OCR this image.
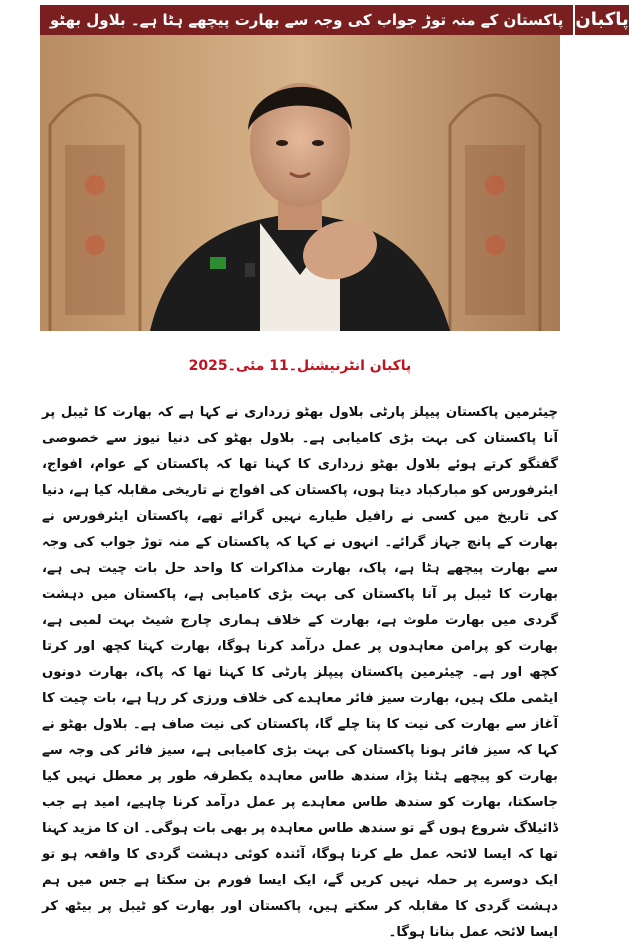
پاکستان کے منہ توڑ جواب کی وجہ سے بھارت پیچھے ہٹا ہے۔ بلاول بھٹو پاکبان
پاکبان انٹرنیشنل۔11 مئی۔2025
چیئرمین پاکستان پیپلز پارٹی بلاول بھٹو زرداری نے کہا ہے کہ بھارت کا ٹیبل پر آنا پاکستان کی بہت بڑی کامیابی ہے۔ بلاول بھٹو کی دنیا نیوز سے خصوصی گفتگو کرتے ہوئے بلاول بھٹو زرداری کا کہنا تھا کہ پاکستان کے عوام، افواج، ایئرفورس کو مبارکباد دیتا ہوں، پاکستان کی افواج نے تاریخی مقابلہ کیا ہے، دنیا کی تاریخ میں کسی نے رافیل طیارے نہیں گرائے تھے، پاکستان ایئرفورس نے بھارت کے پانچ جہاز گرائے۔ انہوں نے کہا کہ پاکستان کے منہ توڑ جواب کی وجہ سے بھارت پیچھے ہٹا ہے، پاک، بھارت مذاکرات کا واحد حل بات چیت ہی ہے، بھارت کا ٹیبل پر آنا پاکستان کی بہت بڑی کامیابی ہے، پاکستان میں دہشت گردی میں بھارت ملوث ہے، بھارت کے خلاف ہماری چارج شیٹ بہت لمبی ہے، بھارت کو پرامن معاہدوں پر عمل درآمد کرنا ہوگا، بھارت کہتا کچھ اور کرتا کچھ اور ہے۔ چیئرمین پاکستان پیپلز پارٹی کا کہنا تھا کہ پاک، بھارت دونوں ایٹمی ملک ہیں، بھارت سیز فائر معاہدے کی خلاف ورزی کر رہا ہے، بات چیت کا آغاز سے بھارت کی نیت کا پتا چلے گا، پاکستان کی نیت صاف ہے۔ بلاول بھٹو نے کہا کہ سیز فائر ہونا پاکستان کی بہت بڑی کامیابی ہے، سیز فائر کی وجہ سے بھارت کو پیچھے ہٹنا پڑا، سندھ طاس معاہدہ یکطرفہ طور پر معطل نہیں کیا جاسکتا، بھارت کو سندھ طاس معاہدے پر عمل درآمد کرنا چاہیے، امید ہے جب ڈائیلاگ شروع ہوں گے تو سندھ طاس معاہدہ پر بھی بات ہوگی۔ ان کا مزید کہنا تھا کہ ایسا لائحہ عمل طے کرنا ہوگا، آئندہ کوئی دہشت گردی کا واقعہ ہو تو ایک دوسرے پر حملہ نہیں کریں گے، ایک ایسا فورم بن سکتا ہے جس میں ہم دہشت گردی کا مقابلہ کر سکتے ہیں، پاکستان اور بھارت کو ٹیبل پر بیٹھ کر ایسا لائحہ عمل بنانا ہوگا۔
